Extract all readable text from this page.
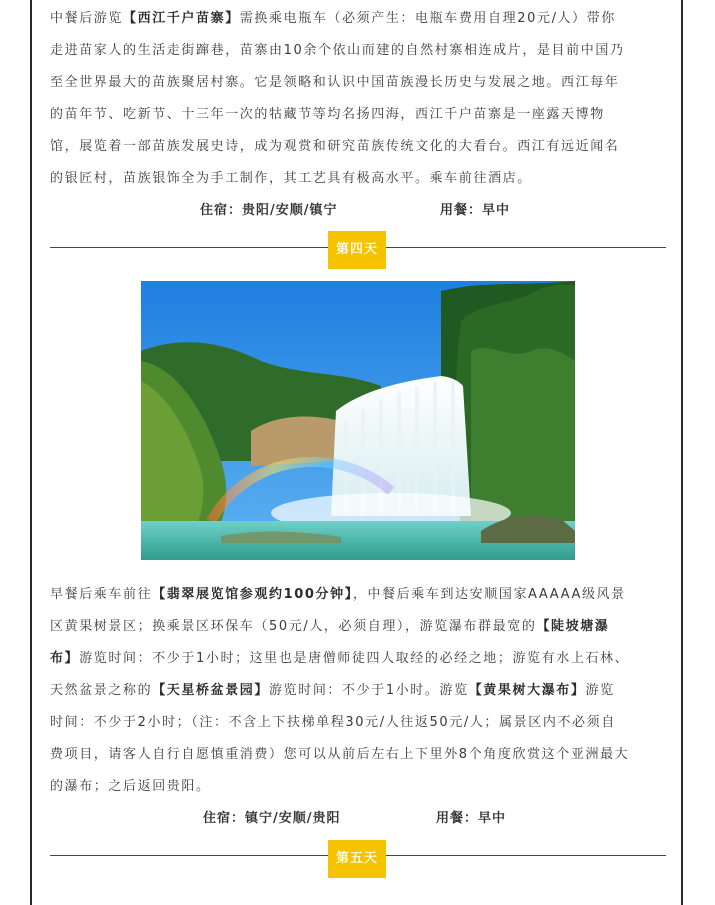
中餐后游览【西江千户苗寨】需换乘电瓶车（必须产生：电瓶车费用自理20元/人）带你
走进苗家人的生活走街蹿巷，苗寨由10余个依山而建的自然村寨相连成片，是目前中国乃
至全世界最大的苗族聚居村寨。它是领略和认识中国苗族漫长历史与发展之地。西江每年
的苗年节、吃新节、十三年一次的牯藏节等均名扬四海，西江千户苗寨是一座露天博物
馆，展览着一部苗族发展史诗，成为观赏和研究苗族传统文化的大看台。西江有远近闻名
的银匠村，苗族银饰全为手工制作，其工艺具有极高水平。乘车前往酒店。
住宿：贵阳/安顺/镇宁	用餐：早中
第四天
早餐后乘车前往【翡翠展览馆参观约100分钟】，中餐后乘车到达安顺国家AAAAA级风景
区黄果树景区；换乘景区环保车（50元/人，必须自理），游览瀑布群最宽的【陡坡塘瀑
布】游览时间：不少于1小时；这里也是唐僧师徒四人取经的必经之地；游览有水上石林、
天然盆景之称的【天星桥盆景园】游览时间：不少于1小时。游览【黄果树大瀑布】游览
时间：不少于2小时；（注：不含上下扶梯单程30元/人往返50元/人；属景区内不必须自
费项目，请客人自行自愿慎重消费）您可以从前后左右上下里外8个角度欣赏这个亚洲最大
的瀑布；之后返回贵阳。
住宿：镇宁/安顺/贵阳	用餐：早中
第五天
